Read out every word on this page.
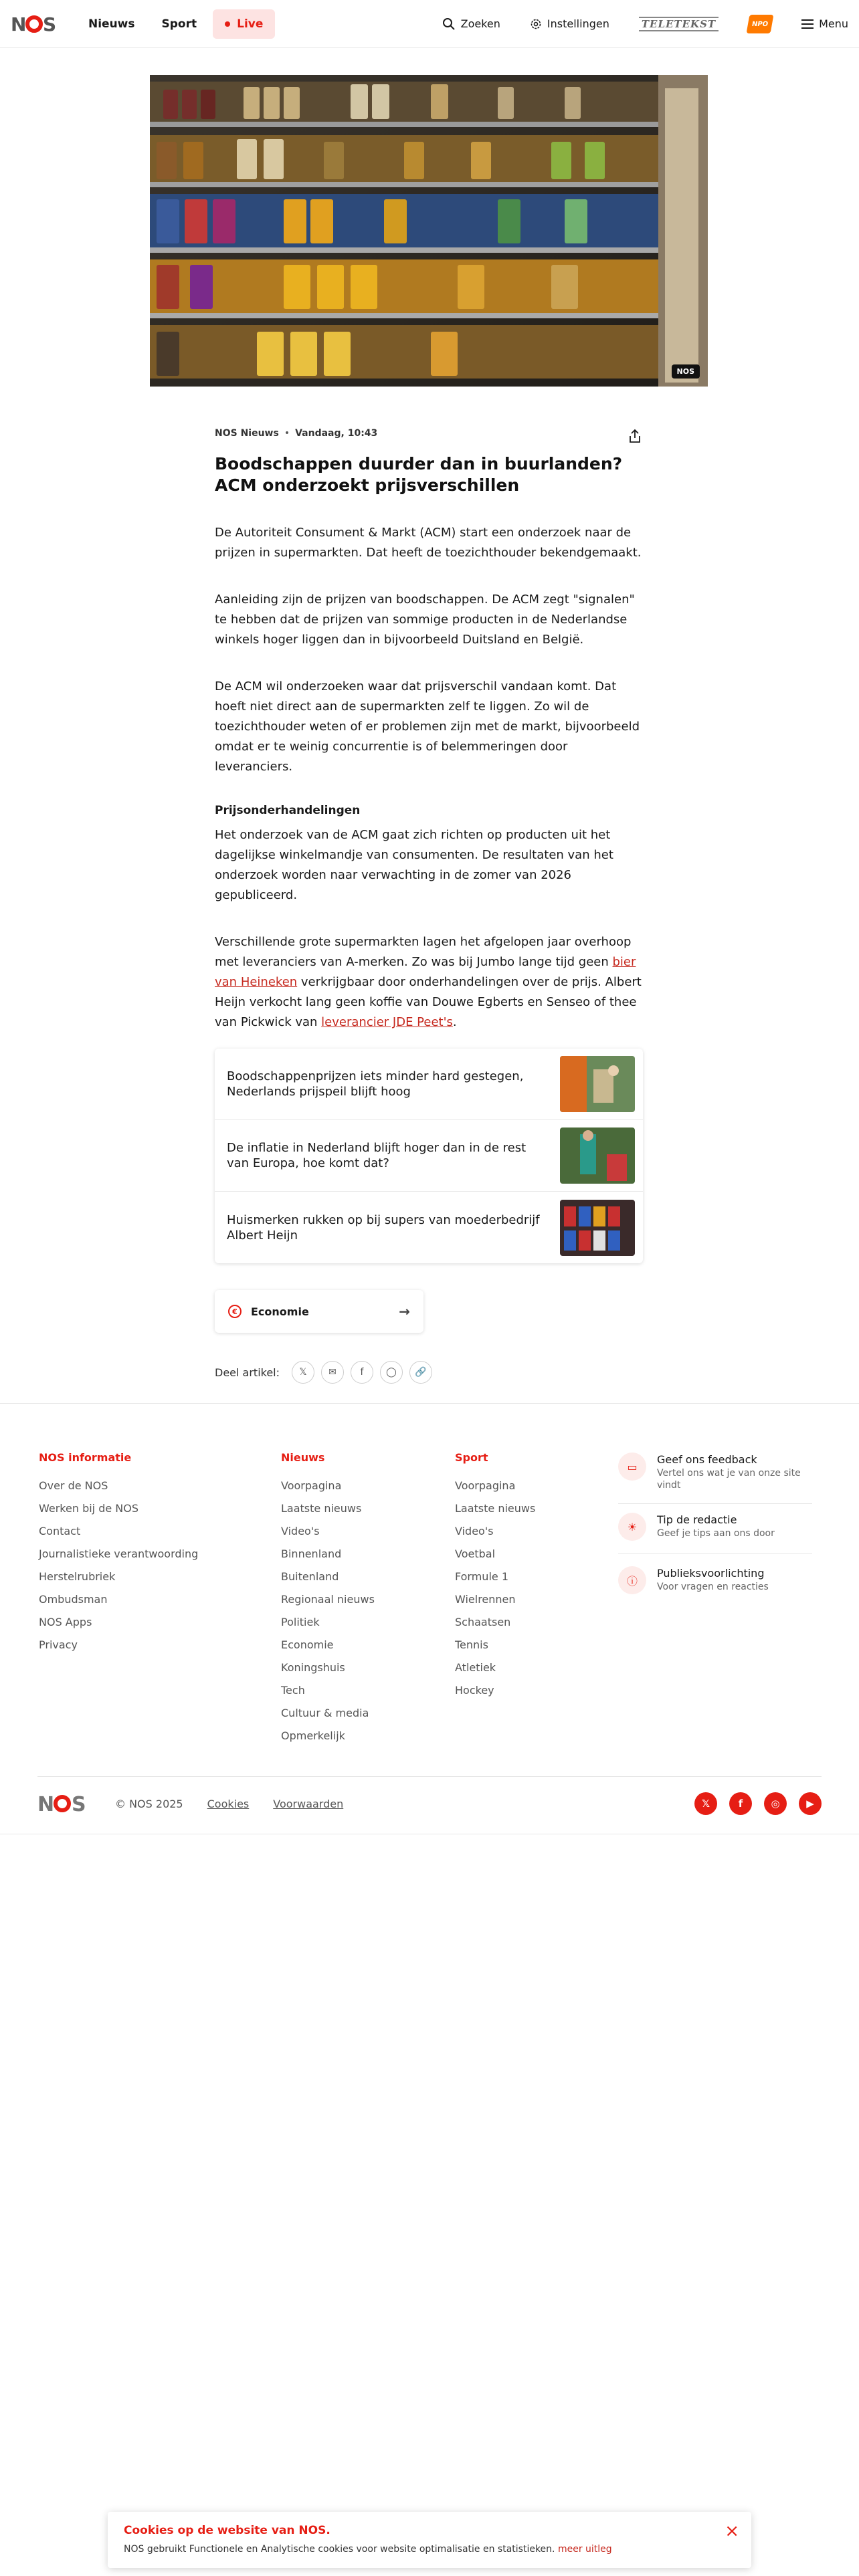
N S	Nieuws Sport	Live	Zoeken	Instellingen	TELETEKST	NPO	Menu
NOS
NOS Nieuws • Vandaag, 10:43
Boodschappen duurder dan in buurlanden? ACM onderzoekt prijsverschillen

De Autoriteit Consument & Markt (ACM) start een onderzoek naar de prijzen in supermarkten. Dat heeft de toezichthouder bekendgemaakt.

Aanleiding zijn de prijzen van boodschappen. De ACM zegt "signalen" te hebben dat de prijzen van sommige producten in de Nederlandse winkels hoger liggen dan in bijvoorbeeld Duitsland en België.

De ACM wil onderzoeken waar dat prijsverschil vandaan komt. Dat hoeft niet direct aan de supermarkten zelf te liggen. Zo wil de toezichthouder weten of er problemen zijn met de markt, bijvoorbeeld omdat er te weinig concurrentie is of belemmeringen door leveranciers.

Prijsonderhandelingen

Het onderzoek van de ACM gaat zich richten op producten uit het dagelijkse winkelmandje van consumenten. De resultaten van het onderzoek worden naar verwachting in de zomer van 2026 gepubliceerd.

Verschillende grote supermarkten lagen het afgelopen jaar overhoop met leveranciers van A-merken. Zo was bij Jumbo lange tijd geen bier van Heineken verkrijgbaar door onderhandelingen over de prijs. Albert Heijn verkocht lang geen koffie van Douwe Egberts en Senseo of thee van Pickwick van leverancier JDE Peet's.

Boodschappenprijzen iets minder hard gestegen, Nederlands prijspeil blijft hoog
De inflatie in Nederland blijft hoger dan in de rest van Europa, hoe komt dat?
Huismerken rukken op bij supers van moederbedrijf Albert Heijn
€	Economie	→
Deel artikel:	𝕏	✉	f	◯	🔗
NOS informatie
Over de NOS
Werken bij de NOS
Contact
Journalistieke verantwoording
Herstelrubriek
Ombudsman
NOS Apps
Privacy
Nieuws
Voorpagina
Laatste nieuws
Video's
Binnenland
Buitenland
Regionaal nieuws
Politiek
Economie
Koningshuis
Tech
Cultuur & media
Opmerkelijk
Sport
Voorpagina
Laatste nieuws
Video's
Voetbal
Formule 1
Wielrennen
Schaatsen
Tennis
Atletiek
Hockey
▭
Geef ons feedback
Vertel ons wat je van onze site vindt
☀
Tip de redactie
Geef je tips aan ons door
ⓘ
Publieksvoorlichting
Voor vragen en reacties
N S	© NOS 2025 Cookies Voorwaarden	𝕏	f	◎	▶
Cookies op de website van NOS.
NOS gebruikt Functionele en Analytische cookies voor website optimalisatie en statistieken. meer uitleg
×
